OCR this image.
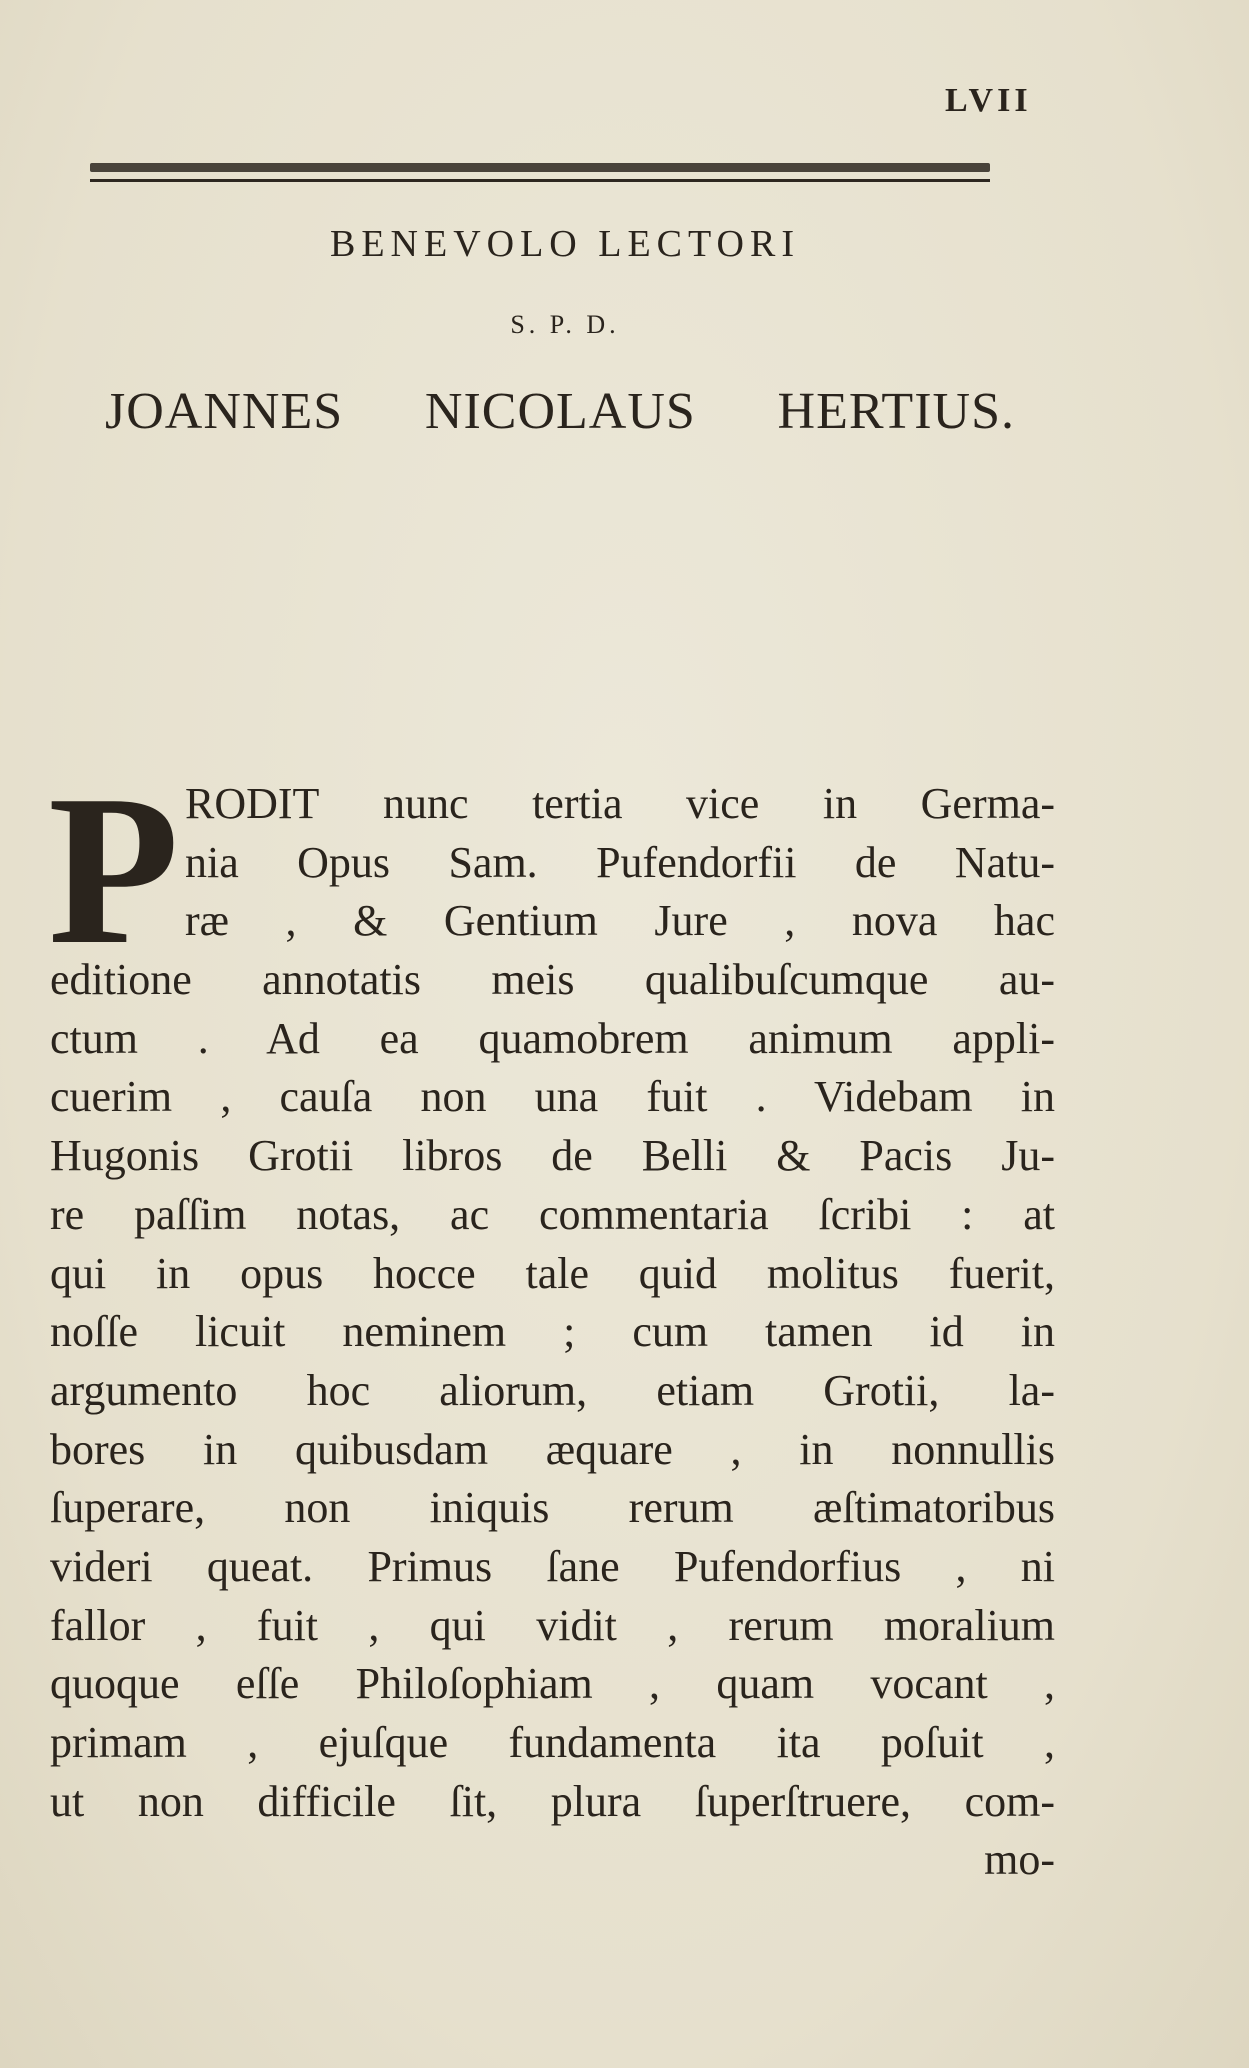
LVII
BENEVOLO LECTORI
S. P. D.
JOANNES NICOLAUS HERTIUS.
P RODIT nunc tertia vice in Germa-
nia Opus Sam. Pufendorfii de Natu-
ræ , & Gentium Jure , nova hac
editione annotatis meis qualibuſcumque au-
ctum . Ad ea quamobrem animum appli-
cuerim , cauſa non una fuit . Videbam in
Hugonis Grotii libros de Belli & Pacis Ju-
re paſſim notas, ac commentaria ſcribi : at
qui in opus hocce tale quid molitus fuerit,
noſſe licuit neminem ; cum tamen id in
argumento hoc aliorum, etiam Grotii, la-
bores in quibusdam æquare , in nonnullis
ſuperare, non iniquis rerum æſtimatoribus
videri queat. Primus ſane Pufendorfius , ni
fallor , fuit , qui vidit , rerum moralium
quoque eſſe Philoſophiam , quam vocant ,
primam , ejuſque fundamenta ita poſuit ,
ut non difficile ſit, plura ſuperſtruere, com-
mo-
